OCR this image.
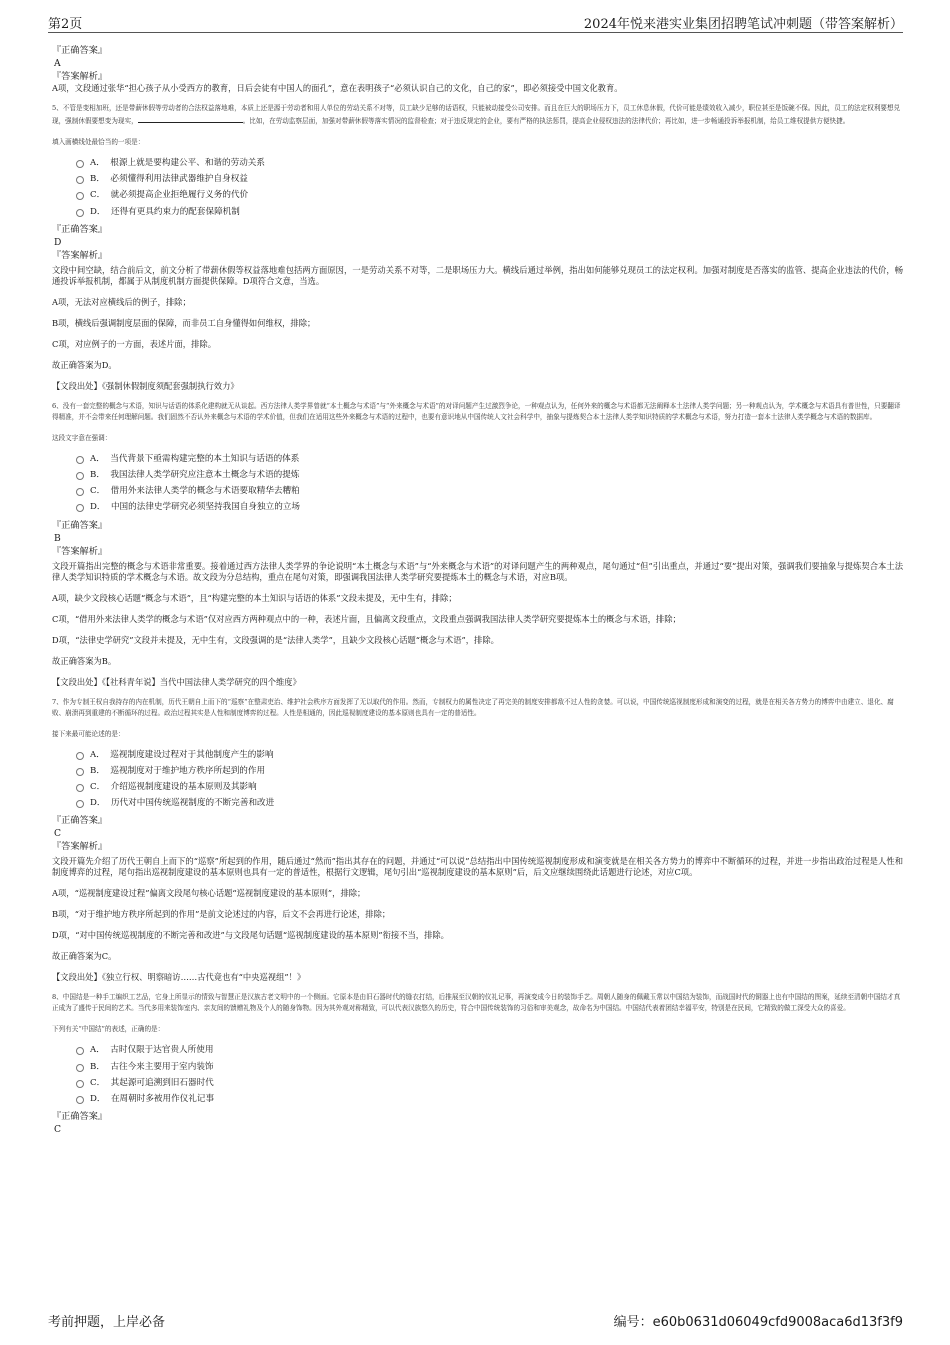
第2页	2024年悦来港实业集团招聘笔试冲刺题（带答案解析）

『正确答案』

A

『答案解析』

A项，文段通过张华“担心孩子从小受西方的教育，日后会徒有中国人的面孔”，意在表明孩子“必须认识自己的文化，自己的家”，即必须接受中国文化教育。

5、不管是变相加班，还是带薪休假等劳动者的合法权益落地难，本质上还是源于劳动者和用人单位的劳动关系不对等，员工缺少足够的话语权，只能被动接受公司安排。而且在巨大的职场压力下，员工休息休假，代价可能是绩效收入减少，职位甚至是饭碗不保。因此，员工的法定权利要想兑现，强制休假要想变为现实，	。比如，在劳动监察层面，加强对带薪休假等落实情况的监督检查；对于违反规定的企业，要有严格的执法惩罚，提高企业侵权违法的法律代价；再比如，进一步畅通投诉举报机制，给员工维权提供方便快捷。

填入画横线处最恰当的一项是：

A． 根源上就是要构建公平、和谐的劳动关系
B． 必须懂得利用法律武器维护自身权益
C． 就必须提高企业拒绝履行义务的代价
D． 还得有更具约束力的配套保障机制

『正确答案』

D

『答案解析』

文段中间空缺，结合前后文，前文分析了带薪休假等权益落地难包括两方面原因，一是劳动关系不对等，二是职场压力大。横线后通过举例，指出如何能够兑现员工的法定权利。加强对制度是否落实的监管、提高企业违法的代价，畅通投诉举报机制，都属于从制度机制方面提供保障。D项符合文意，当选。

A项，无法对应横线后的例子，排除；

B项，横线后强调制度层面的保障，而非员工自身懂得如何维权，排除；

C项，对应例子的一方面，表述片面，排除。

故正确答案为D。

【文段出处】《强制休假制度须配套强制执行效力》

6、没有一套完整的概念与术语，知识与话语的体系化建构就无从谈起。西方法律人类学界曾就“本土概念与术语”与“外来概念与术语”的对译问题产生过激烈争论，一种观点认为，任何外来的概念与术语都无法阐释本土法律人类学问题；另一种观点认为，学术概念与术语具有普世性，只要翻译得精准，并不会带来任何理解问题。我们固然不否认外来概念与术语的学术价值，但我们在适用这些外来概念与术语的过程中，也要有意识地从中国传统人文社会科学中，抽象与提炼契合本土法律人类学知识特质的学术概念与术语，努力打造一套本土法律人类学概念与术语的数据库。

这段文字意在强调：

A． 当代背景下亟需构建完整的本土知识与话语的体系
B． 我国法律人类学研究应注意本土概念与术语的提炼
C． 借用外来法律人类学的概念与术语要取精华去糟粕
D． 中国的法律史学研究必须坚持我国自身独立的立场

『正确答案』

B

『答案解析』

文段开篇指出完整的概念与术语非常重要。接着通过西方法律人类学界的争论说明“本土概念与术语”与“外来概念与术语”的对译问题产生的两种观点，尾句通过“但”引出重点，并通过“要”提出对策，强调我们要抽象与提炼契合本土法律人类学知识特质的学术概念与术语。故文段为分总结构，重点在尾句对策，即强调我国法律人类学研究要提炼本土的概念与术语，对应B项。

A项，缺少文段核心话题“概念与术语”，且“构建完整的本土知识与话语的体系”文段未提及，无中生有，排除；

C项，“借用外来法律人类学的概念与术语”仅对应西方两种观点中的一种，表述片面，且偏离文段重点，文段重点强调我国法律人类学研究要提炼本土的概念与术语，排除；

D项，“法律史学研究”文段并未提及，无中生有，文段强调的是“法律人类学”，且缺少文段核心话题“概念与术语”，排除。

故正确答案为B。

【文段出处】《【社科青年说】当代中国法律人类学研究的四个维度》

7、作为专制王权自我持存的内在机制，历代王朝自上而下的“巡察”在整肃吏治、维护社会秩序方面发挥了无以取代的作用。然而，专制权力的属性决定了再完美的制度安排都敌不过人性的贪婪。可以说，中国传统巡视制度形成和演变的过程，就是在相关各方势力的博弈中由建立、退化、腐败、崩溃再到重建的不断循环的过程。政治过程其实是人性和制度博弈的过程。人性是相通的，因此巡视制度建设的基本原则也具有一定的普适性。

接下来最可能论述的是：

A． 巡视制度建设过程对于其他制度产生的影响
B． 巡视制度对于维护地方秩序所起到的作用
C． 介绍巡视制度建设的基本原则及其影响
D． 历代对中国传统巡视制度的不断完善和改进

『正确答案』

C

『答案解析』

文段开篇先介绍了历代王朝自上而下的“巡察”所起到的作用，随后通过“然而”指出其存在的问题，并通过“可以说”总结指出中国传统巡视制度形成和演变就是在相关各方势力的博弈中不断循环的过程，并进一步指出政治过程是人性和制度博弈的过程，尾句指出巡视制度建设的基本原则也具有一定的普适性，根据行文逻辑，尾句引出“巡视制度建设的基本原则”后，后文应继续围绕此话题进行论述，对应C项。

A项，“巡视制度建设过程”偏离文段尾句核心话题“巡视制度建设的基本原则”，排除；

B项，“对于维护地方秩序所起到的作用”是前文论述过的内容，后文不会再进行论述，排除；

D项，“对中国传统巡视制度的不断完善和改进”与文段尾句话题“巡视制度建设的基本原则”衔接不当，排除。

故正确答案为C。

【文段出处】《独立行权、明察暗访……古代竟也有“中央巡视组”！》

8、中国结是一种手工编织工艺品，它身上所显示的情致与智慧正是汉族古老文明中的一个侧面。它原本是由旧石器时代的缝衣打结，后推展至汉朝的仪礼记事，再演变成今日的装饰手艺。周朝人随身的佩戴玉常以中国结为装饰，而战国时代的铜器上也有中国结的图案，延续至清朝中国结才真正成为了盛传于民间的艺术。当代多用来装饰室内、亲友间的馈赠礼物及个人的随身饰物。因为其外观对称精致，可以代表汉族悠久的历史，符合中国传统装饰的习俗和审美观念，故命名为中国结。中国结代表着团结幸福平安，特别是在民间，它精致的做工深受大众的喜爱。

下列有关“中国结”的表述，正确的是：

A． 古时仅限于达官贵人所使用
B． 古往今来主要用于室内装饰
C． 其起源可追溯到旧石器时代
D． 在周朝时多被用作仪礼记事

『正确答案』

C

考前押题，上岸必备	编号：e60b0631d06049cfd9008aca6d13f3f9
